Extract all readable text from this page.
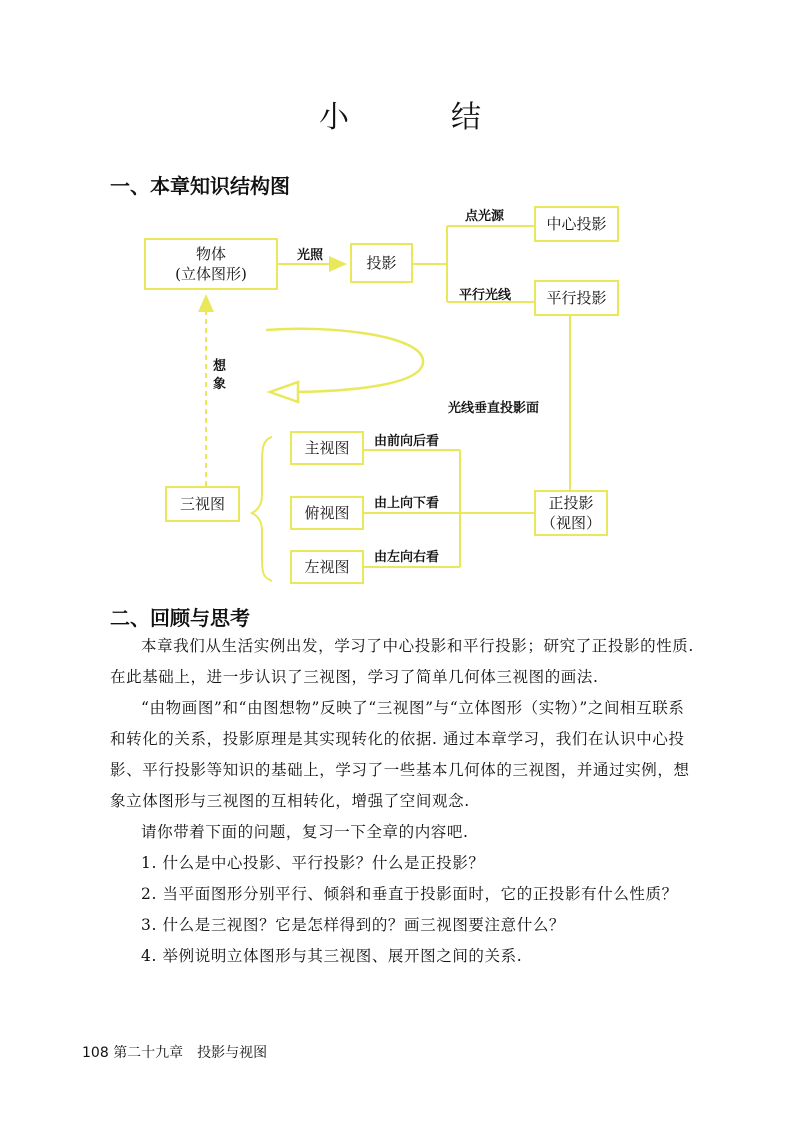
小　结
一、本章知识结构图
物体
(立体图形)
投影
中心投影
平行投影
三视图
主视图
俯视图
左视图
正投影
（视图）
光照
点光源
平行光线
光线垂直投影面
想象
由前向后看
由上向下看
由左向右看
二、回顾与思考

本章我们从生活实例出发，学习了中心投影和平行投影；研究了正投影的性质. 在此基础上，进一步认识了三视图，学习了简单几何体三视图的画法.

“由物画图”和“由图想物”反映了“三视图”与“立体图形（实物）”之间相互联系和转化的关系，投影原理是其实现转化的依据. 通过本章学习，我们在认识中心投影、平行投影等知识的基础上，学习了一些基本几何体的三视图，并通过实例，想象立体图形与三视图的互相转化，增强了空间观念.

请你带着下面的问题，复习一下全章的内容吧.

1. 什么是中心投影、平行投影？什么是正投影？

2. 当平面图形分别平行、倾斜和垂直于投影面时，它的正投影有什么性质？

3. 什么是三视图？它是怎样得到的？画三视图要注意什么？

4. 举例说明立体图形与其三视图、展开图之间的关系.

108 第二十九章　投影与视图
